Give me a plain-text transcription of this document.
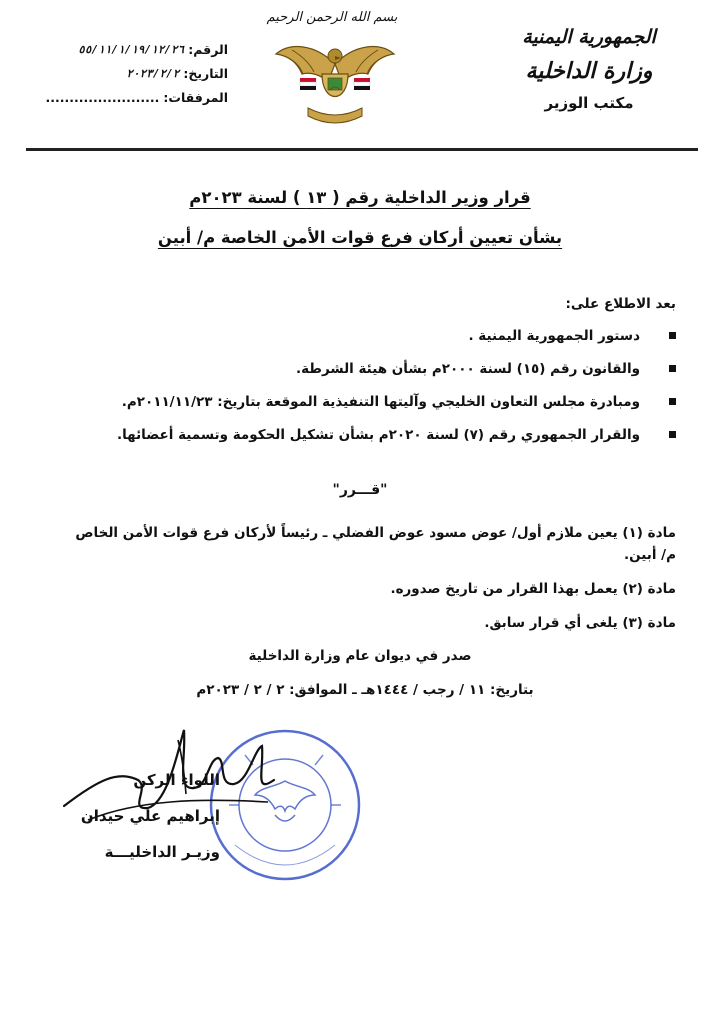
الجمهورية اليمنية
وزارة الداخلية
مكتب الوزير
بسم الله الرحمن الرحيم
الرقم:
٥٥/١١/١/١٩/١٢/٢٦
التاريخ:
٢٠٢٣/٢/٢
المرفقات:
........................
قرار وزير الداخلية رقم ( ١٣ ) لسنة ٢٠٢٣م
بشأن تعيين أركان فرع قوات الأمن الخاصة م/ أبين
بعد الاطلاع على:
دستور الجمهورية اليمنية .
والقانون رقم (١٥) لسنة ٢٠٠٠م بشأن هيئة الشرطة.
ومبادرة مجلس التعاون الخليجي وآليتها التنفيذية الموقعة بتاريخ: ٢٠١١/١١/٢٣م.
والقرار الجمهوري رقم (٧) لسنة ٢٠٢٠م بشأن تشكيل الحكومة وتسمية أعضائها.
"قـــرر"
مادة (١) يعين ملازم أول/ عوض مسود عوض الفضلي ـ رئيساً لأركان فرع قوات الأمن الخاص م/ أبين.
مادة (٢) يعمل بهذا القرار من تاريخ صدوره.
مادة (٣) يلغى أي قرار سابق.
صدر في ديوان عام وزارة الداخلية
بتاريخ: ١١ / رجب / ١٤٤٤هـ ـ الموافق: ٢ / ٢ / ٢٠٢٣م
اللواء الركن
إبراهيم علي حيدان
وزيـر الداخليـــة
